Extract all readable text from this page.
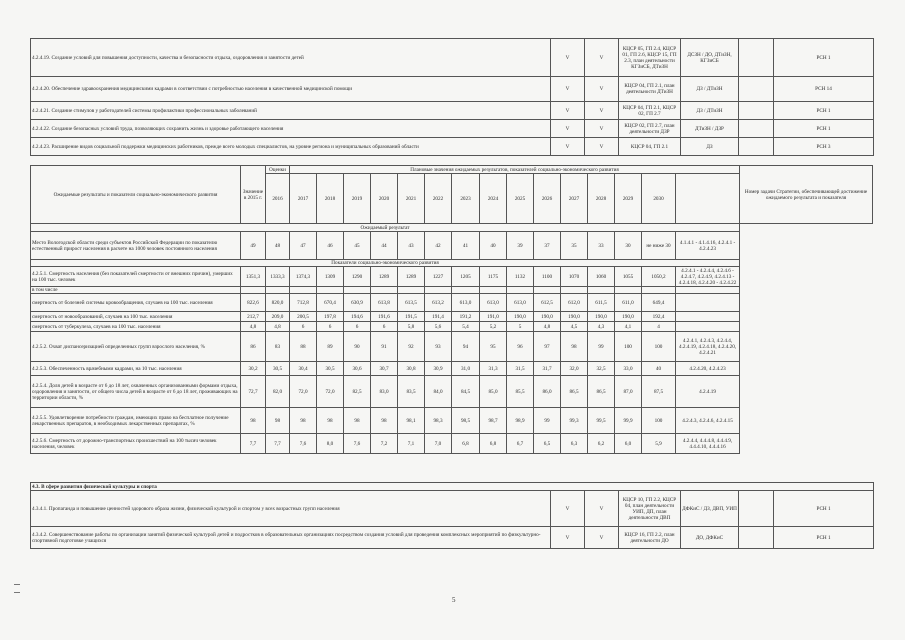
4.2.4.19. Создание условий для повышения доступности, качества и безопасности отдыха, оздоровления и занятости детей	V	V	КЦСР 05, ГП 2.4, КЦСР 01, ГП 2.6, КЦСР 15, ГП 2.3, план деятельности КГЗиСБ, ДТиЗН	ДСЗН / ДО, ДТиЗН, КГЗиСБ		РСН 1
4.2.4.20. Обеспечение здравоохранения медицинскими кадрами в соответствии с потребностью населения в качественной медицинской помощи	V	V	КЦСР 04, ГП 2.1, план деятельности ДТиЗН	ДЗ / ДТиЗН		РСН 14
4.2.4.21. Создание стимулов у работодателей системы профилактики профессиональных заболеваний	V	V	КЦСР 04, ГП 2.1, КЦСР 02, ГП 2.7	ДЗ / ДТиЗН		РСН 1
4.2.4.22. Создание безопасных условий труда, позволяющих сохранить жизнь и здоровье работающего населения	V	V	КЦСР 02, ГП 2.7, план деятельности ДЗР	ДТиЗН / ДЗР		РСН 1
4.2.4.23. Расширение видов социальной поддержки медицинских работников, прежде всего молодых специалистов, на уровне региона и муниципальных образований области	V	V	КЦСР 04, ГП 2.1	ДЗ		РСН 3
Ожидаемые результаты и показатели социально-экономического развития	Значение в 2015 г.	Оценки	Плановые значения ожидаемых результатов, показателей социально-экономического развития															Номер задачи Стратегии, обеспечивающей достижение ожидаемого результата и показателя
		2016	2017	2018	2019	2020	2021	2022	2023	2024	2025	2026	2027	2028	2029	2030		
Ожидаемый результат																		
Место Вологодской области среди субъектов Российской Федерации по показателю естественный прирост населения в расчете на 1000 человек постоянного населения	49	48	47	46	45	44	43	42	41	40	39	37	35	33	30	не ниже 30	4.1.4.1 - 4.1.4.16, 4.2.4.1 - 4.2.4.23	
Показатели социально-экономического развития																		
4.2.5.1. Смертность населения (без показателей смертности от внешних причин), умерших на 100 тыс. человек	1351,3	1333,3	1374,3	1309	1290	1289	1289	1227	1205	1175	1132	1100	1070	1060	1055	1050,2	4.2.4.1 - 4.2.4.4, 4.2.4.6 - 4.2.4.7, 4.2.4.9, 4.2.4.13 - 4.2.4.18, 4.2.4.20 - 4.2.4.22	
в том числе																		
смертность от болезней системы кровообращения, случаев на 100 тыс. населения	822,6	820,0	712,8	670,4	630,9	613,8	613,5	613,2	613,0	613,0	613,0	612,5	612,0	611,5	611,0	649,4		
смертность от новообразований, случаев на 100 тыс. населения	212,7	209,0	200,5	197,8	194,6	191,6	191,5	191,4	191,2	191,0	190,0	190,0	190,0	190,0	190,0	192,4		
смертность от туберкулеза, случаев на 100 тыс. населения	4,8	4,8	6	6	6	6	5,8	5,6	5,4	5,2	5	4,8	4,5	4,3	4,1	4		
4.2.5.2. Охват диспансеризацией определенных групп взрослого населения, %	86	83	88	89	90	91	92	93	94	95	96	97	98	99	100	100	4.2.4.1, 4.2.4.3, 4.2.4.4, 4.2.4.19, 4.2.4.18, 4.2.4.20, 4.2.4.21	
4.2.5.3. Обеспеченность врачебными кадрами, на 10 тыс. населения	30,2	30,5	30,4	30,5	30,6	30,7	30,8	30,9	31,0	31,3	31,5	31,7	32,0	32,5	33,0	40	4.2.4.20, 4.2.4.23	
4.2.5.4. Доля детей в возрасте от 6 до 18 лет, охваченных организованными формами отдыха, оздоровления и занятости, от общего числа детей в возрасте от 6 до 18 лет, проживающих на территории области, %	72,7	82,0	72,0	72,0	82,5	83,0	83,5	84,0	84,5	85,0	85,5	86,0	86,5	86,5	87,0	87,5	4.2.4.19	
4.2.5.5. Удовлетворение потребности граждан, имеющих право на бесплатное получение лекарственных препаратов, в необходимых лекарственных препаратах, %	98	98	98	98	98	98	98,1	98,3	98,5	98,7	98,9	99	99,3	99,5	99,9	100	4.2.4.3, 4.2.4.6, 4.2.4.15	
4.2.5.6. Смертность от дорожно-транспортных происшествий на 100 тысяч человек населения, человек	7,7	7,7	7,6	8,0	7,6	7,2	7,1	7,0	6,8	6,8	6,7	6,5	6,3	6,2	6,0	5,9	4.2.4.4, 4.4.4.8, 4.4.4.9, 4.4.4.10, 4.4.4.16	
4.3. В сфере развития физической культуры и спорта						
4.3.4.1. Пропаганда и повышение ценностей здорового образа жизни, физической культурой и спортом у всех возрастных групп населения	V	V	КЦСР 10, ГП 2.2, КЦСР 04, план деятельности УИП, ДП, план деятельности ДВП	ДФКиС / ДЗ, ДВП, УИП		РСН 1
4.3.4.2. Совершенствование работы по организации занятий физической культурой детей и подростков в образовательных организациях посредством создания условий для проведения комплексных мероприятий по физкультурно-спортивной подготовке учащихся	V	V	КЦСР 16, ГП 2.2, план деятельности ДО	ДО, ДФКиС		РСН 1
5
